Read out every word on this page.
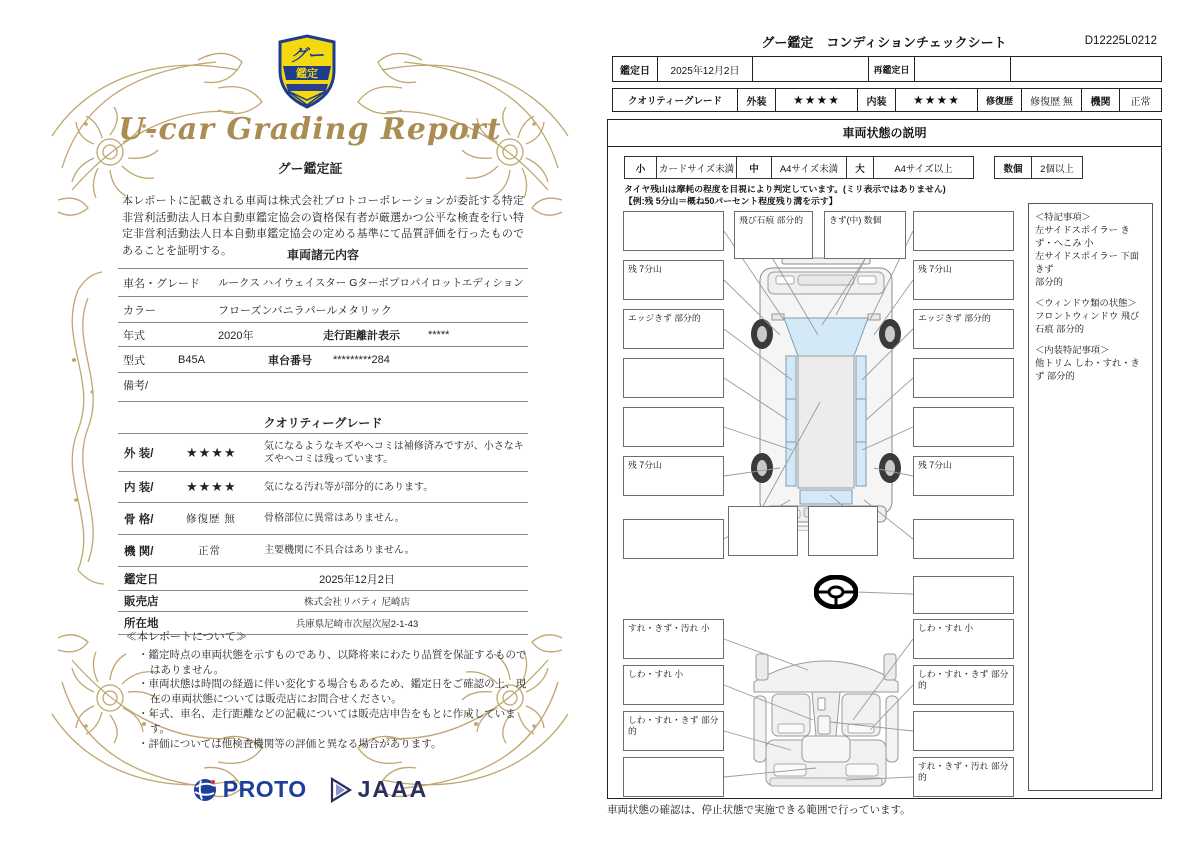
グー
鑑定
U-car Grading Report
グー鑑定証

本レポートに記載される車両は株式会社プロトコーポレーションが委託する特定非営利活動法人日本自動車鑑定協会の資格保有者が厳選かつ公平な検査を行い特定非営利活動法人日本自動車鑑定協会の定める基準にて品質評価を行ったものであることを証明する。	車両諸元内容
車名・グレード	ルークス ハイウェイスター Gターボプロパイロットエディション
カラー	フローズンバニラパールメタリック
年式	2020年	走行距離計表示	*****
型式	B45A	車台番号	*********284
備考/
クオリティーグレード
外 装/	★★★★	気になるようなキズやヘコミは補修済みですが、小さなキズやヘコミは残っています。
内 装/	★★★★	気になる汚れ等が部分的にあります。
骨 格/	修復歴 無	骨格部位に異常はありません。
機 関/	正常	主要機関に不具合はありません。
鑑定日	2025年12月2日
販売店	株式会社リバティ 尼崎店
所在地	兵庫県尼崎市次屋次屋2-1-43
≪本レポートについて≫
・ 鑑定時点の車両状態を示すものであり、以降将来にわたり品質を保証するものではありません。
・ 車両状態は時間の経過に伴い変化する場合もあるため、鑑定日をご確認の上、現在の車両状態については販売店にお問合せください。
・ 年式、車名、走行距離などの記載については販売店申告をもとに作成しています。
・ 評価については他検査機関等の評価と異なる場合があります。
PROTO JAAA
グー鑑定　コンディションチェックシート	D12225L0212
鑑定日	2025年12月2日	再鑑定日
クオリティーグレード	外装	★★★★	内装	★★★★	修復歴	修復歴 無	機関	正常
車両状態の説明
小	カードサイズ未満	中	A4サイズ未満	大	A4サイズ以上	数個	2個以上
タイヤ残山は摩耗の程度を目視により判定しています。(ミリ表示ではありません)
【例:残 5分山＝概ね50パーセント程度残り溝を示す】
残 7分山
エッジきず 部分的
残 7分山
飛び石痕 部分的	きず(中) 数個
残 7分山
エッジきず 部分的
残 7分山
＜特記事項＞
左サイドスポイラー きず・へこみ 小
左サイドスポイラー 下面きず
部分的
＜ウィンドウ類の状態＞
フロントウィンドウ 飛び石痕 部分的
＜内装特記事項＞
他トリム しわ・すれ・きず 部分的
すれ・きず・汚れ 小
しわ・すれ 小
しわ・すれ・きず 部分的
しわ・すれ 小
しわ・すれ・きず 部分的
すれ・きず・汚れ 部分的
車両状態の確認は、停止状態で実施できる範囲で行っています。
